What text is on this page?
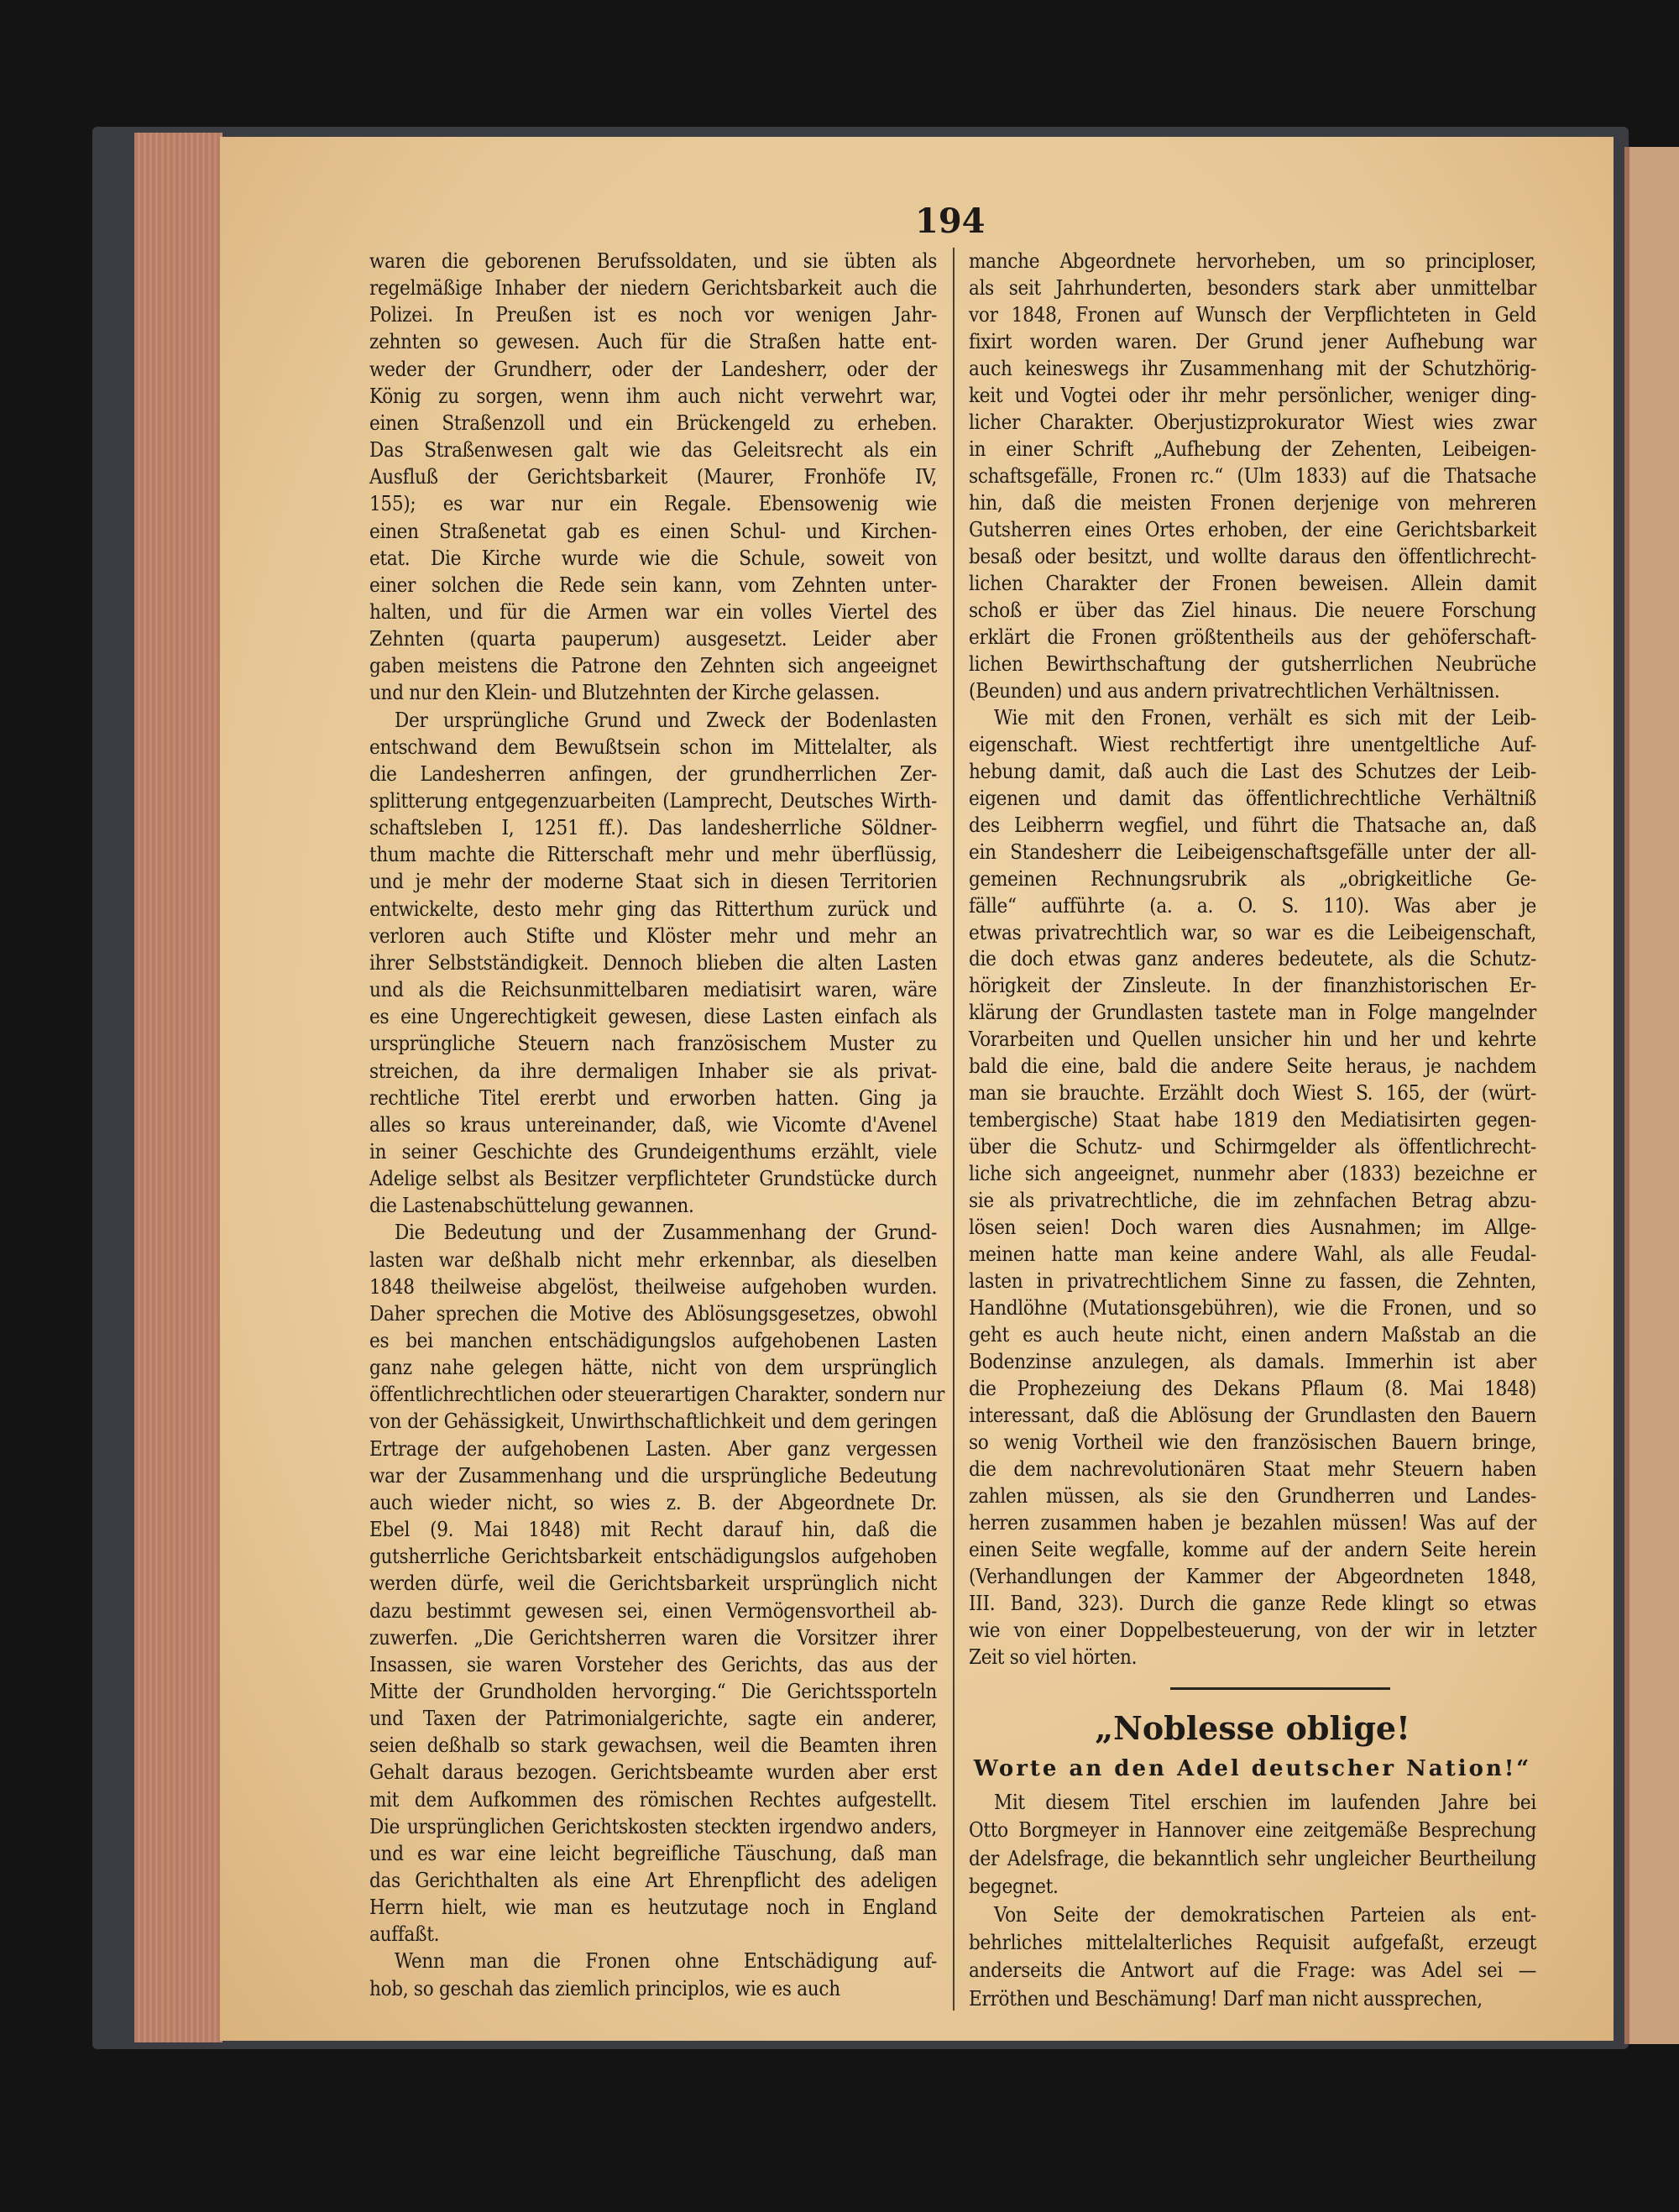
194
waren die geborenen Berufssoldaten, und sie übten als
regelmäßige Inhaber der niedern Gerichtsbarkeit auch die
Polizei. In Preußen ist es noch vor wenigen Jahr-
zehnten so gewesen. Auch für die Straßen hatte ent-
weder der Grundherr, oder der Landesherr, oder der
König zu sorgen, wenn ihm auch nicht verwehrt war,
einen Straßenzoll und ein Brückengeld zu erheben.
Das Straßenwesen galt wie das Geleitsrecht als ein
Ausfluß der Gerichtsbarkeit (Maurer, Fronhöfe IV,
155); es war nur ein Regale. Ebensowenig wie
einen Straßenetat gab es einen Schul- und Kirchen-
etat. Die Kirche wurde wie die Schule, soweit von
einer solchen die Rede sein kann, vom Zehnten unter-
halten, und für die Armen war ein volles Viertel des
Zehnten (quarta pauperum) ausgesetzt. Leider aber
gaben meistens die Patrone den Zehnten sich angeeignet
und nur den Klein- und Blutzehnten der Kirche gelassen.
Der ursprüngliche Grund und Zweck der Bodenlasten
entschwand dem Bewußtsein schon im Mittelalter, als
die Landesherren anfingen, der grundherrlichen Zer-
splitterung entgegenzuarbeiten (Lamprecht, Deutsches Wirth-
schaftsleben I, 1251 ff.). Das landesherrliche Söldner-
thum machte die Ritterschaft mehr und mehr überflüssig,
und je mehr der moderne Staat sich in diesen Territorien
entwickelte, desto mehr ging das Ritterthum zurück und
verloren auch Stifte und Klöster mehr und mehr an
ihrer Selbstständigkeit. Dennoch blieben die alten Lasten
und als die Reichsunmittelbaren mediatisirt waren, wäre
es eine Ungerechtigkeit gewesen, diese Lasten einfach als
ursprüngliche Steuern nach französischem Muster zu
streichen, da ihre dermaligen Inhaber sie als privat-
rechtliche Titel ererbt und erworben hatten. Ging ja
alles so kraus untereinander, daß, wie Vicomte d'Avenel
in seiner Geschichte des Grundeigenthums erzählt, viele
Adelige selbst als Besitzer verpflichteter Grundstücke durch
die Lastenabschüttelung gewannen.
Die Bedeutung und der Zusammenhang der Grund-
lasten war deßhalb nicht mehr erkennbar, als dieselben
1848 theilweise abgelöst, theilweise aufgehoben wurden.
Daher sprechen die Motive des Ablösungsgesetzes, obwohl
es bei manchen entschädigungslos aufgehobenen Lasten
ganz nahe gelegen hätte, nicht von dem ursprünglich
öffentlichrechtlichen oder steuerartigen Charakter, sondern nur
von der Gehässigkeit, Unwirthschaftlichkeit und dem geringen
Ertrage der aufgehobenen Lasten. Aber ganz vergessen
war der Zusammenhang und die ursprüngliche Bedeutung
auch wieder nicht, so wies z. B. der Abgeordnete Dr.
Ebel (9. Mai 1848) mit Recht darauf hin, daß die
gutsherrliche Gerichtsbarkeit entschädigungslos aufgehoben
werden dürfe, weil die Gerichtsbarkeit ursprünglich nicht
dazu bestimmt gewesen sei, einen Vermögensvortheil ab-
zuwerfen. „Die Gerichtsherren waren die Vorsitzer ihrer
Insassen, sie waren Vorsteher des Gerichts, das aus der
Mitte der Grundholden hervorging.“ Die Gerichtssporteln
und Taxen der Patrimonialgerichte, sagte ein anderer,
seien deßhalb so stark gewachsen, weil die Beamten ihren
Gehalt daraus bezogen. Gerichtsbeamte wurden aber erst
mit dem Aufkommen des römischen Rechtes aufgestellt.
Die ursprünglichen Gerichtskosten steckten irgendwo anders,
und es war eine leicht begreifliche Täuschung, daß man
das Gerichthalten als eine Art Ehrenpflicht des adeligen
Herrn hielt, wie man es heutzutage noch in England
auffaßt.
Wenn man die Fronen ohne Entschädigung auf-
hob, so geschah das ziemlich principlos, wie es auch
manche Abgeordnete hervorheben, um so principloser,
als seit Jahrhunderten, besonders stark aber unmittelbar
vor 1848, Fronen auf Wunsch der Verpflichteten in Geld
fixirt worden waren. Der Grund jener Aufhebung war
auch keineswegs ihr Zusammenhang mit der Schutzhörig-
keit und Vogtei oder ihr mehr persönlicher, weniger ding-
licher Charakter. Oberjustizprokurator Wiest wies zwar
in einer Schrift „Aufhebung der Zehenten, Leibeigen-
schaftsgefälle, Fronen rc.“ (Ulm 1833) auf die Thatsache
hin, daß die meisten Fronen derjenige von mehreren
Gutsherren eines Ortes erhoben, der eine Gerichtsbarkeit
besaß oder besitzt, und wollte daraus den öffentlichrecht-
lichen Charakter der Fronen beweisen. Allein damit
schoß er über das Ziel hinaus. Die neuere Forschung
erklärt die Fronen größtentheils aus der gehöferschaft-
lichen Bewirthschaftung der gutsherrlichen Neubrüche
(Beunden) und aus andern privatrechtlichen Verhältnissen.
Wie mit den Fronen, verhält es sich mit der Leib-
eigenschaft. Wiest rechtfertigt ihre unentgeltliche Auf-
hebung damit, daß auch die Last des Schutzes der Leib-
eigenen und damit das öffentlichrechtliche Verhältniß
des Leibherrn wegfiel, und führt die Thatsache an, daß
ein Standesherr die Leibeigenschaftsgefälle unter der all-
gemeinen Rechnungsrubrik als „obrigkeitliche Ge-
fälle“ aufführte (a. a. O. S. 110). Was aber je
etwas privatrechtlich war, so war es die Leibeigenschaft,
die doch etwas ganz anderes bedeutete, als die Schutz-
hörigkeit der Zinsleute. In der finanzhistorischen Er-
klärung der Grundlasten tastete man in Folge mangelnder
Vorarbeiten und Quellen unsicher hin und her und kehrte
bald die eine, bald die andere Seite heraus, je nachdem
man sie brauchte. Erzählt doch Wiest S. 165, der (würt-
tembergische) Staat habe 1819 den Mediatisirten gegen-
über die Schutz- und Schirmgelder als öffentlichrecht-
liche sich angeeignet, nunmehr aber (1833) bezeichne er
sie als privatrechtliche, die im zehnfachen Betrag abzu-
lösen seien! Doch waren dies Ausnahmen; im Allge-
meinen hatte man keine andere Wahl, als alle Feudal-
lasten in privatrechtlichem Sinne zu fassen, die Zehnten,
Handlöhne (Mutationsgebühren), wie die Fronen, und so
geht es auch heute nicht, einen andern Maßstab an die
Bodenzinse anzulegen, als damals. Immerhin ist aber
die Prophezeiung des Dekans Pflaum (8. Mai 1848)
interessant, daß die Ablösung der Grundlasten den Bauern
so wenig Vortheil wie den französischen Bauern bringe,
die dem nachrevolutionären Staat mehr Steuern haben
zahlen müssen, als sie den Grundherren und Landes-
herren zusammen haben je bezahlen müssen! Was auf der
einen Seite wegfalle, komme auf der andern Seite herein
(Verhandlungen der Kammer der Abgeordneten 1848,
III. Band, 323). Durch die ganze Rede klingt so etwas
wie von einer Doppelbesteuerung, von der wir in letzter
Zeit so viel hörten.
Mit diesem Titel erschien im laufenden Jahre bei
Otto Borgmeyer in Hannover eine zeitgemäße Besprechung
der Adelsfrage, die bekanntlich sehr ungleicher Beurtheilung
begegnet.
Von Seite der demokratischen Parteien als ent-
behrliches mittelalterliches Requisit aufgefaßt, erzeugt
anderseits die Antwort auf die Frage: was Adel sei —
Erröthen und Beschämung! Darf man nicht aussprechen,
„Noblesse oblige!
Worte an den Adel deutscher Nation!“
